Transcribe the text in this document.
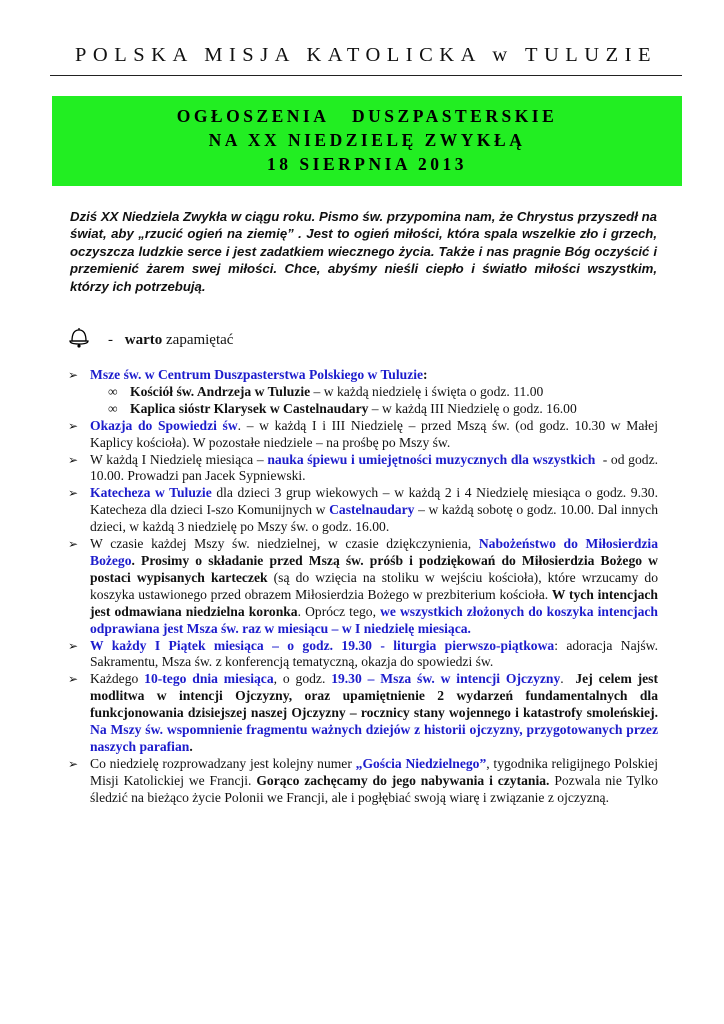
POLSKA MISJA KATOLICKA w TULUZIE
OGŁOSZENIA   DUSZPASTERSKIE
NA XX NIEDZIELĘ ZWYKŁĄ
18 SIERPNIA 2013
Dziś XX Niedziela Zwykła w ciągu roku. Pismo św. przypomina nam, że Chrystus przyszedł na świat, aby „rzucić ogień na ziemię” . Jest to ogień miłości, która spala wszelkie zło i grzech, oczyszcza ludzkie serce i jest zadatkiem wiecznego życia. Także i nas pragnie Bóg oczyścić i przemienić żarem swej miłości. Chce, abyśmy nieśli ciepło i światło miłości wszystkim, którzy ich potrzebują.
- warto zapamiętać
➢ Msze św. w Centrum Duszpasterstwa Polskiego w Tuluzie:
∞ Kościół św. Andrzeja w Tuluzie – w każdą niedzielę i święta o godz. 11.00
∞ Kaplica sióstr Klarysek w Castelnaudary – w każdą III Niedzielę o godz. 16.00
➢ Okazja do Spowiedzi św. – w każdą I i III Niedzielę – przed Mszą św. (od godz. 10.30 w Małej Kaplicy kościoła). W pozostałe niedziele – na prośbę po Mszy św.
➢ W każdą I Niedzielę miesiąca – nauka śpiewu i umiejętności muzycznych dla wszystkich  - od godz. 10.00. Prowadzi pan Jacek Sypniewski.
➢ Katecheza w Tuluzie dla dzieci 3 grup wiekowych – w każdą 2 i 4 Niedzielę miesiąca o godz. 9.30. Katecheza dla dzieci I-szo Komunijnych w Castelnaudary – w każdą sobotę o godz. 10.00. Dal innych dzieci, w każdą 3 niedzielę po Mszy św. o godz. 16.00.
➢ W czasie każdej Mszy św. niedzielnej, w czasie dziękczynienia, Nabożeństwo do Miłosierdzia Bożego. Prosimy o składanie przed Mszą św. próśb i podziękowań do Miłosierdzia Bożego w postaci wypisanych karteczek (są do wzięcia na stoliku w wejściu kościoła), które wrzucamy do koszyka ustawionego przed obrazem Miłosierdzia Bożego w prezbiterium kościoła. W tych intencjach jest odmawiana niedzielna koronka. Oprócz tego, we wszystkich złożonych do koszyka intencjach odprawiana jest Msza św. raz w miesiącu – w I niedzielę miesiąca.
➢ W każdy I Piątek miesiąca – o godz. 19.30 - liturgia pierwszo-piątkowa: adoracja Najśw. Sakramentu, Msza św. z konferencją tematyczną, okazja do spowiedzi św.
➢ Każdego 10-tego dnia miesiąca, o godz. 19.30 – Msza św. w intencji Ojczyzny.  Jej celem jest modlitwa w intencji Ojczyzny, oraz upamiętnienie 2 wydarzeń fundamentalnych dla funkcjonowania dzisiejszej naszej Ojczyzny – rocznicy stany wojennego i katastrofy smoleńskiej. Na Mszy św. wspomnienie fragmentu ważnych dziejów z historii ojczyzny, przygotowanych przez naszych parafian.
➢ Co niedzielę rozprowadzany jest kolejny numer „Gościa Niedzielnego”, tygodnika religijnego Polskiej Misji Katolickiej we Francji. Gorąco zachęcamy do jego nabywania i czytania. Pozwala nie Tylko śledzić na bieżąco życie Polonii we Francji, ale i pogłębiać swoją wiarę i związanie z ojczyzną.
